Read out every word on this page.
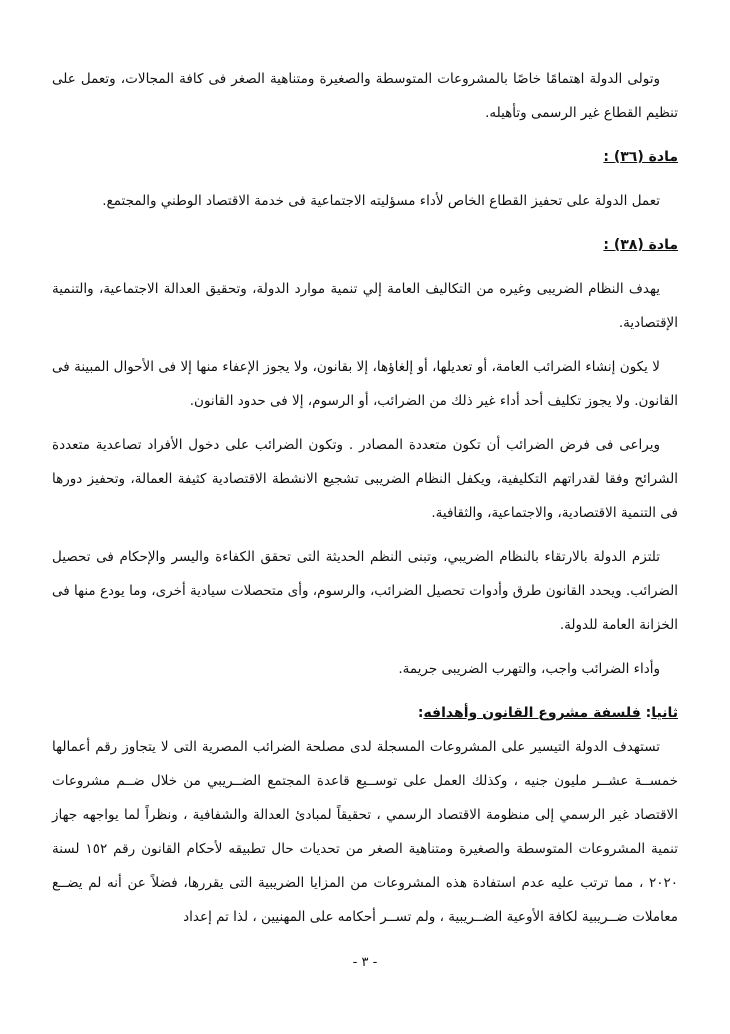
وتولى الدولة اهتمامًا خاصًا بالمشروعات المتوسطة والصغيرة ومتناهية الصغر فى كافة المجالات، وتعمل على تنظيم القطاع غير الرسمى وتأهيله.

مادة (٣٦) :

تعمل الدولة على تحفيز القطاع الخاص لأداء مسؤليته الاجتماعية فى خدمة الاقتصاد الوطني والمجتمع.

مادة (٣٨) :

يهدف النظام الضريبى وغيره من التكاليف العامة إلي تنمية موارد الدولة، وتحقيق العدالة الاجتماعية، والتنمية الإقتصادية.

لا يكون إنشاء الضرائب العامة، أو تعديلها، أو إلغاؤها، إلا بقانون، ولا يجوز الإعفاء منها إلا فى الأحوال المبينة فى القانون. ولا يجوز تكليف أحد أداء غير ذلك من الضرائب، أو الرسوم، إلا فى حدود القانون.

ويراعى فى فرض الضرائب أن تكون متعددة المصادر . وتكون الضرائب على دخول الأفراد تصاعدية متعددة الشرائح وفقا لقدراتهم التكليفية، ويكفل النظام الضريبى تشجيع الانشطة الاقتصادية كثيفة العمالة، وتحفيز دورها فى التنمية الاقتصادية، والاجتماعية، والثقافية.

تلتزم الدولة بالارتقاء بالنظام الضريبي، وتبنى النظم الحديثة التى تحقق الكفاءة واليسر والإحكام فى تحصيل الضرائب. ويحدد القانون طرق وأدوات تحصيل الضرائب، والرسوم، وأى متحصلات سيادية أخرى، وما يودع منها فى الخزانة العامة للدولة.

وأداء الضرائب واجب، والتهرب الضريبى جريمة.

ثانيا: فلسفة مشروع القانون وأهدافه:

تستهدف الدولة التيسير على المشروعات المسجلة لدى مصلحة الضرائب المصرية التى لا يتجاوز رقم أعمالها خمســة عشــر مليون جنيه ، وكذلك العمل على توســيع قاعدة المجتمع الضــريبي من خلال ضــم مشروعات الاقتصاد غير الرسمي إلى منظومة الاقتصاد الرسمي ، تحقيقاً لمبادئ العدالة والشفافية ، ونظراً لما يواجهه جهاز تنمية المشروعات المتوسطة والصغيرة ومتناهية الصغر من تحديات حال تطبيقه لأحكام القانون رقم ١٥٢ لسنة ٢٠٢٠ ، مما ترتب عليه عدم استفادة هذه المشروعات من المزايا الضريبية التى يقررها، فضلاً عن أنه لم يضــع معاملات ضــريبية لكافة الأوعية الضــريبية ، ولم تســر أحكامه على المهنيين ، لذا تم إعداد

- ٣ -
